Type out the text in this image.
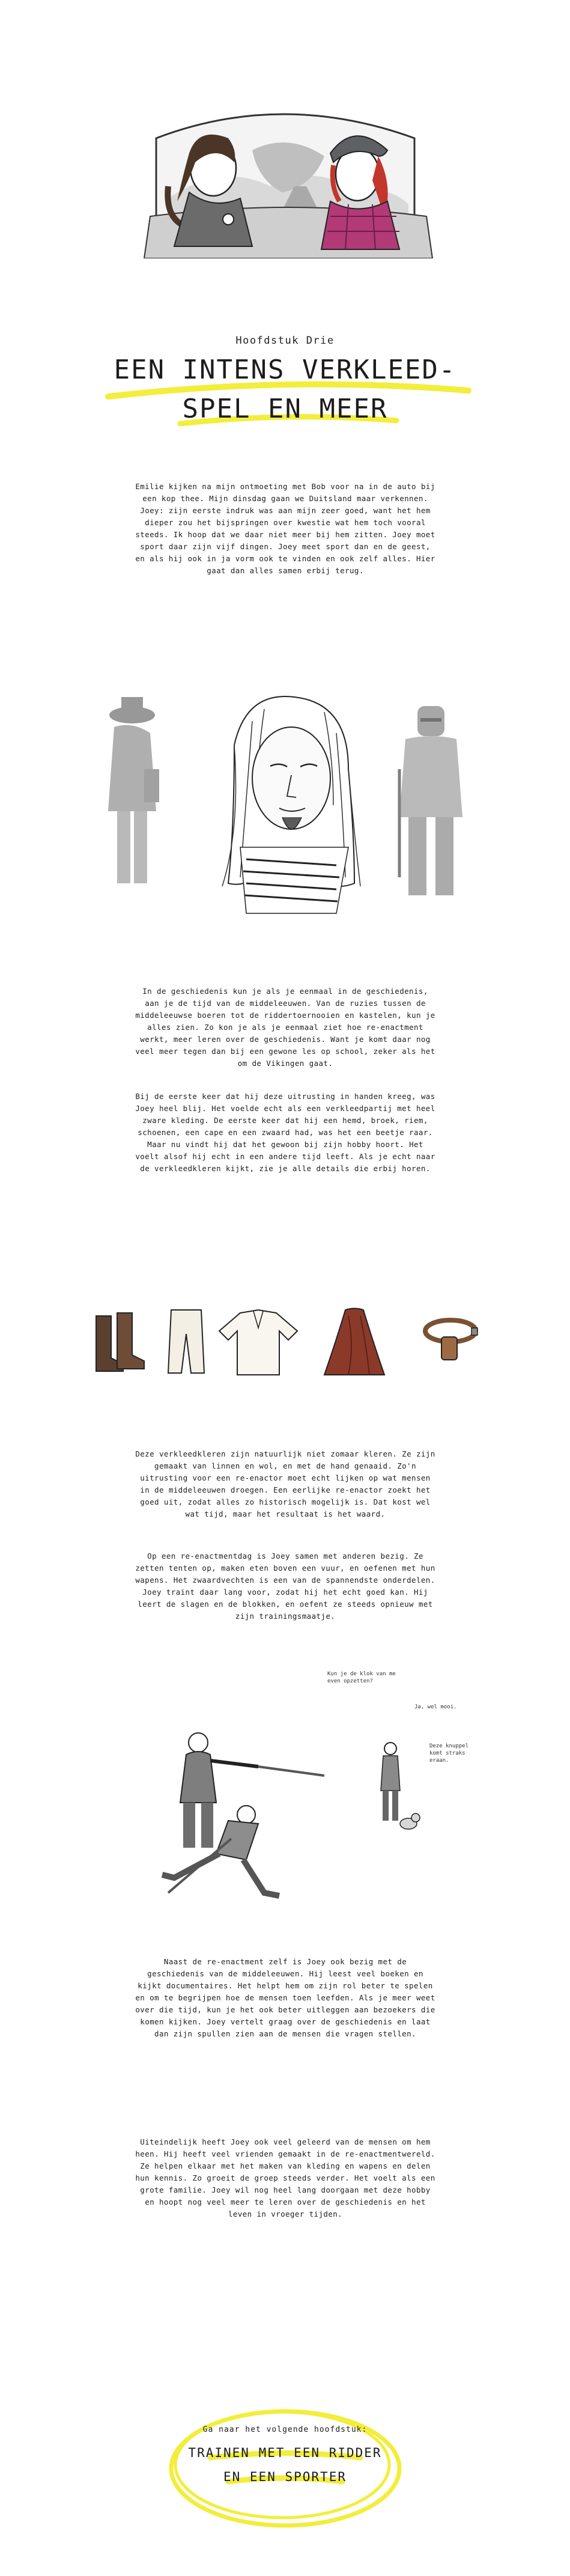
Hoofdstuk Drie
EEN INTENS VERKLEED-
SPEL EN MEER

Emilie kijken na mijn ontmoeting met Bob voor na in de auto bij een kop thee. Mijn dinsdag gaan we Duitsland maar verkennen. Joey: zijn eerste indruk was aan mijn zeer goed, want het hem dieper zou het bijspringen over kwestie wat hem toch vooral steeds. Ik hoop dat we daar niet meer bij hem zitten. Joey moet sport daar zijn vijf dingen. Joey meet sport dan en de geest, en als hij ook in ja vorm ook te vinden en ook zelf alles. Hier gaat dan alles samen erbij terug.

In de geschiedenis kun je als je eenmaal in de geschiedenis, aan je de tijd van de middeleeuwen. Van de ruzies tussen de middeleeuwse boeren tot de riddertoernooien en kastelen, kun je alles zien. Zo kon je als je eenmaal ziet hoe re-enactment werkt, meer leren over de geschiedenis. Want je komt daar nog veel meer tegen dan bij een gewone les op school, zeker als het om de Vikingen gaat.

Bij de eerste keer dat hij deze uitrusting in handen kreeg, was Joey heel blij. Het voelde echt als een verkleedpartij met heel zware kleding. De eerste keer dat hij een hemd, broek, riem, schoenen, een cape en een zwaard had, was het een beetje raar. Maar nu vindt hij dat het gewoon bij zijn hobby hoort. Het voelt alsof hij echt in een andere tijd leeft. Als je echt naar de verkleedkleren kijkt, zie je alle details die erbij horen.

Deze verkleedkleren zijn natuurlijk niet zomaar kleren. Ze zijn gemaakt van linnen en wol, en met de hand genaaid. Zo'n uitrusting voor een re-enactor moet echt lijken op wat mensen in de middeleeuwen droegen. Een eerlijke re-enactor zoekt het goed uit, zodat alles zo historisch mogelijk is. Dat kost wel wat tijd, maar het resultaat is het waard.

Op een re-enactmentdag is Joey samen met anderen bezig. Ze zetten tenten op, maken eten boven een vuur, en oefenen met hun wapens. Het zwaardvechten is een van de spannendste onderdelen. Joey traint daar lang voor, zodat hij het echt goed kan. Hij leert de slagen en de blokken, en oefent ze steeds opnieuw met zijn trainingsmaatje.

Kun je de klok van me even opzetten?
Ja, wel mooi.
Deze knuppel komt straks eraan.

Naast de re-enactment zelf is Joey ook bezig met de geschiedenis van de middeleeuwen. Hij leest veel boeken en kijkt documentaires. Het helpt hem om zijn rol beter te spelen en om te begrijpen hoe de mensen toen leefden. Als je meer weet over die tijd, kun je het ook beter uitleggen aan bezoekers die komen kijken. Joey vertelt graag over de geschiedenis en laat dan zijn spullen zien aan de mensen die vragen stellen.

Uiteindelijk heeft Joey ook veel geleerd van de mensen om hem heen. Hij heeft veel vrienden gemaakt in de re-enactmentwereld. Ze helpen elkaar met het maken van kleding en wapens en delen hun kennis. Zo groeit de groep steeds verder. Het voelt als een grote familie. Joey wil nog heel lang doorgaan met deze hobby en hoopt nog veel meer te leren over de geschiedenis en het leven in vroeger tijden.

Ga naar het volgende hoofdstuk:
TRAINEN MET EEN RIDDER
EN EEN SPORTER
